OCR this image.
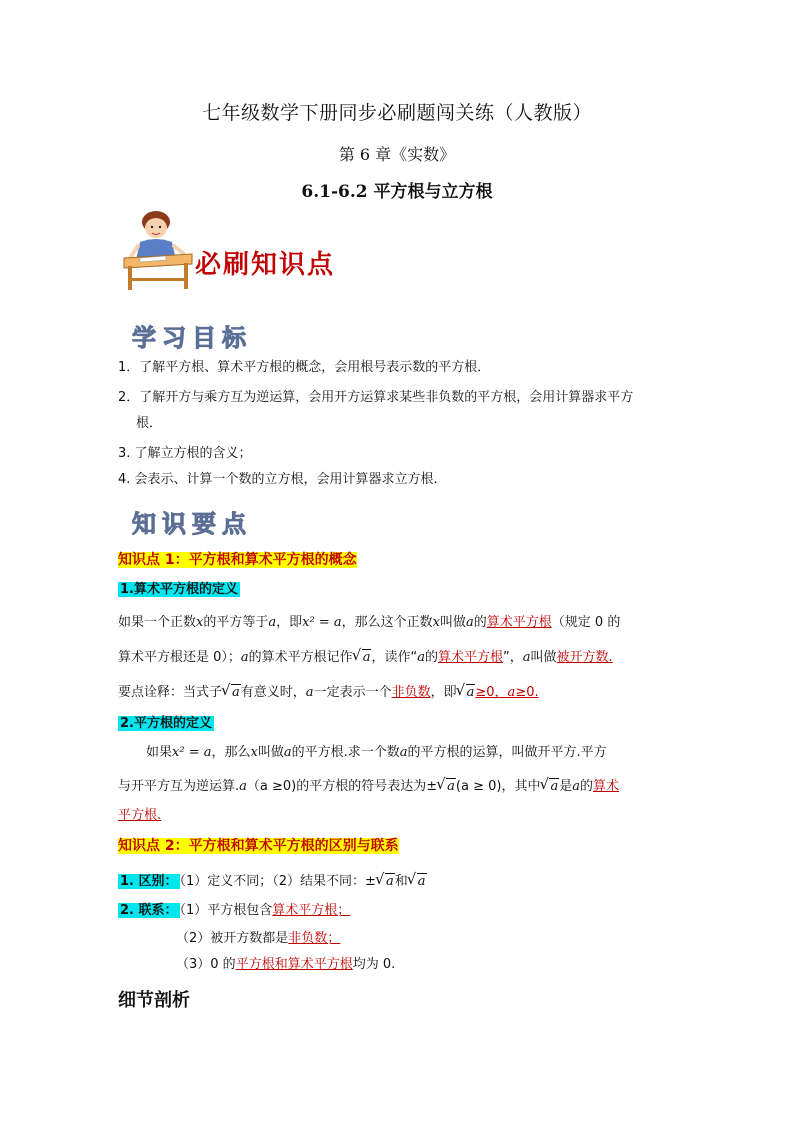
七年级数学下册同步必刷题闯关练（人教版）
第 6 章《实数》
6.1-6.2 平方根与立方根
必刷知识点
学习目标
1．了解平方根、算术平方根的概念，会用根号表示数的平方根．
2．了解开方与乘方互为逆运算，会用开方运算求某些非负数的平方根，会用计算器求平方
根．
3. 了解立方根的含义；
4. 会表示、计算一个数的立方根，会用计算器求立方根.
知识要点
知识点 1：平方根和算术平方根的概念
1.算术平方根的定义
如果一个正数x的平方等于a，即x² = a，那么这个正数x叫做a的算术平方根（规定 0 的
算术平方根还是 0）；a的算术平方根记作 √ a，读作“a的算术平方根”，a叫做被开方数.
要点诠释：当式子 √ a有意义时，a一定表示一个非负数，即 √ a≥0，a≥0.
2.平方根的定义
如果x² = a，那么x叫做a的平方根.求一个数a的平方根的运算，叫做开平方.平方
与开平方互为逆运算.a（a ≥0)的平方根的符号表达为± √ a(a ≥ 0)，其中 √ a是a的算术
平方根.
知识点 2：平方根和算术平方根的区别与联系
1. 区别： （1）定义不同；（2）结果不同：± √ a和 √ a
2. 联系： （1）平方根包含算术平方根；
（2）被开方数都是非负数；
（3）0 的平方根和算术平方根均为 0.
细节剖析
